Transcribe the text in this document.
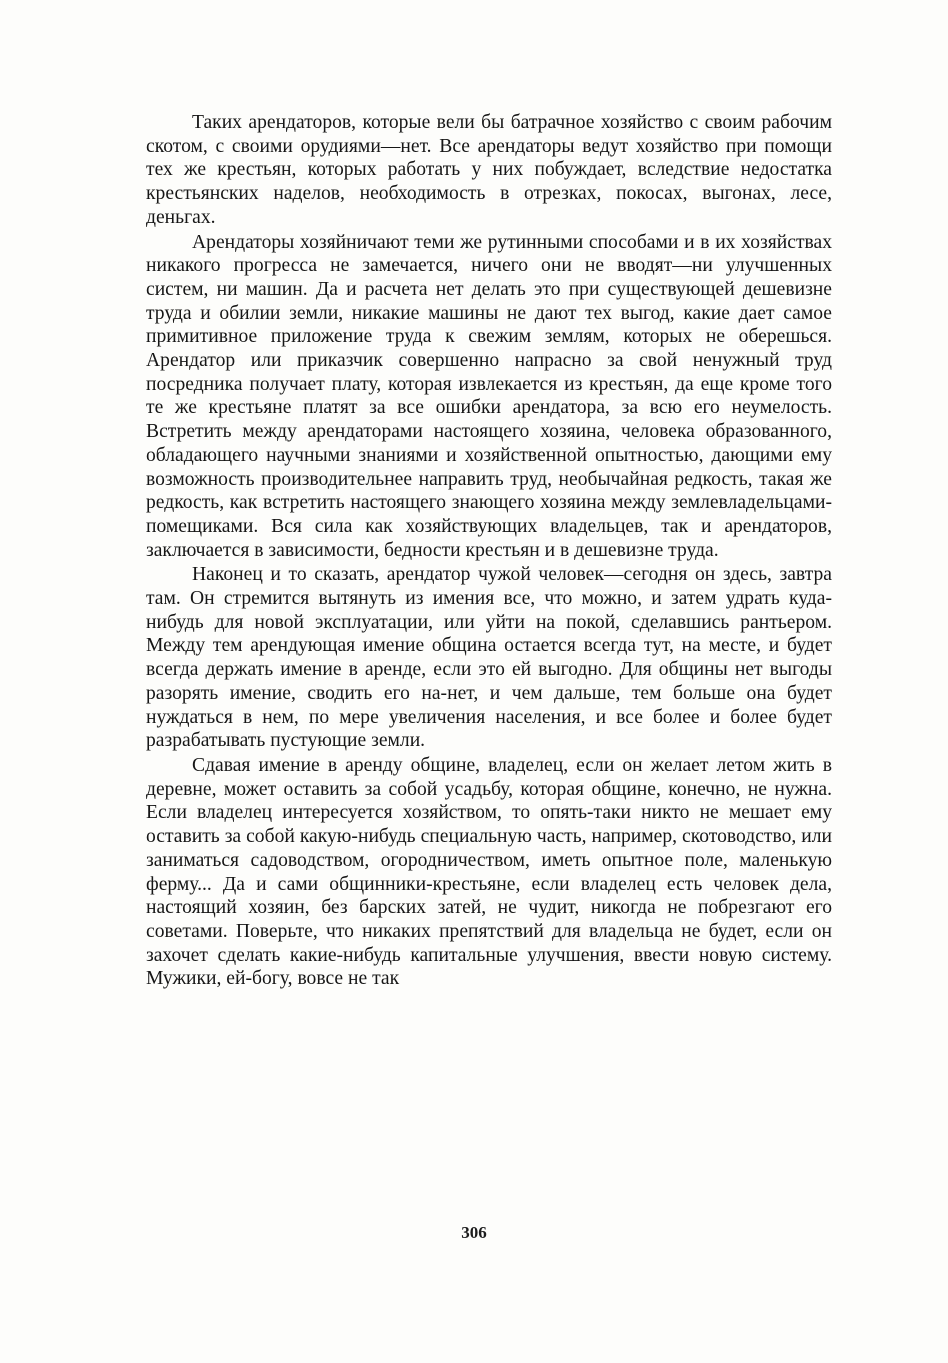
Таких арендаторов, которые вели бы батрачное хозяйство с своим рабочим скотом, с своими орудиями—нет. Все арендаторы ведут хозяйство при помощи тех же крестьян, которых работать у них побуждает, вследствие недостатка крестьянских наделов, необходимость в отрезках, покосах, выгонах, лесе, деньгах.

Арендаторы хозяйничают теми же рутинными способами и в их хозяйствах никакого прогресса не замечается, ничего они не вводят—ни улучшенных систем, ни машин. Да и расчета нет делать это при существующей дешевизне труда и обилии земли, никакие машины не дают тех выгод, какие дает самое примитивное приложение труда к свежим землям, которых не оберешься. Арендатор или приказчик совершенно напрасно за свой ненужный труд посредника получает плату, которая извлекается из крестьян, да еще кроме того те же крестьяне платят за все ошибки арендатора, за всю его неумелость. Встретить между арендаторами настоящего хозяина, человека образованного, обладающего научными знаниями и хозяйственной опытностью, дающими ему возможность производительнее направить труд, необычайная редкость, такая же редкость, как встретить настоящего знающего хозяина между землевладельцами-помещиками. Вся сила как хозяйствующих владельцев, так и арендаторов, заключается в зависимости, бедности крестьян и в дешевизне труда.

Наконец и то сказать, арендатор чужой человек—сегодня он здесь, завтра там. Он стремится вытянуть из имения все, что можно, и затем удрать куда-нибудь для новой эксплуатации, или уйти на покой, сделавшись рантьером. Между тем арендующая имение община остается всегда тут, на месте, и будет всегда держать имение в аренде, если это ей выгодно. Для общины нет выгоды разорять имение, сводить его на-нет, и чем дальше, тем больше она будет нуждаться в нем, по мере увеличения населения, и все более и более будет разрабатывать пустующие земли.

Сдавая имение в аренду общине, владелец, если он желает летом жить в деревне, может оставить за собой усадьбу, которая общине, конечно, не нужна. Если владелец интересуется хозяйством, то опять-таки никто не мешает ему оставить за собой какую-нибудь специальную часть, например, скотоводство, или заниматься садоводством, огородничеством, иметь опытное поле, маленькую ферму... Да и сами общинники-крестьяне, если владелец есть человек дела, настоящий хозяин, без барских затей, не чудит, никогда не побрезгают его советами. Поверьте, что никаких препятствий для владельца не будет, если он захочет сделать какие-нибудь капитальные улучшения, ввести новую систему. Мужики, ей-богу, вовсе не так

306
